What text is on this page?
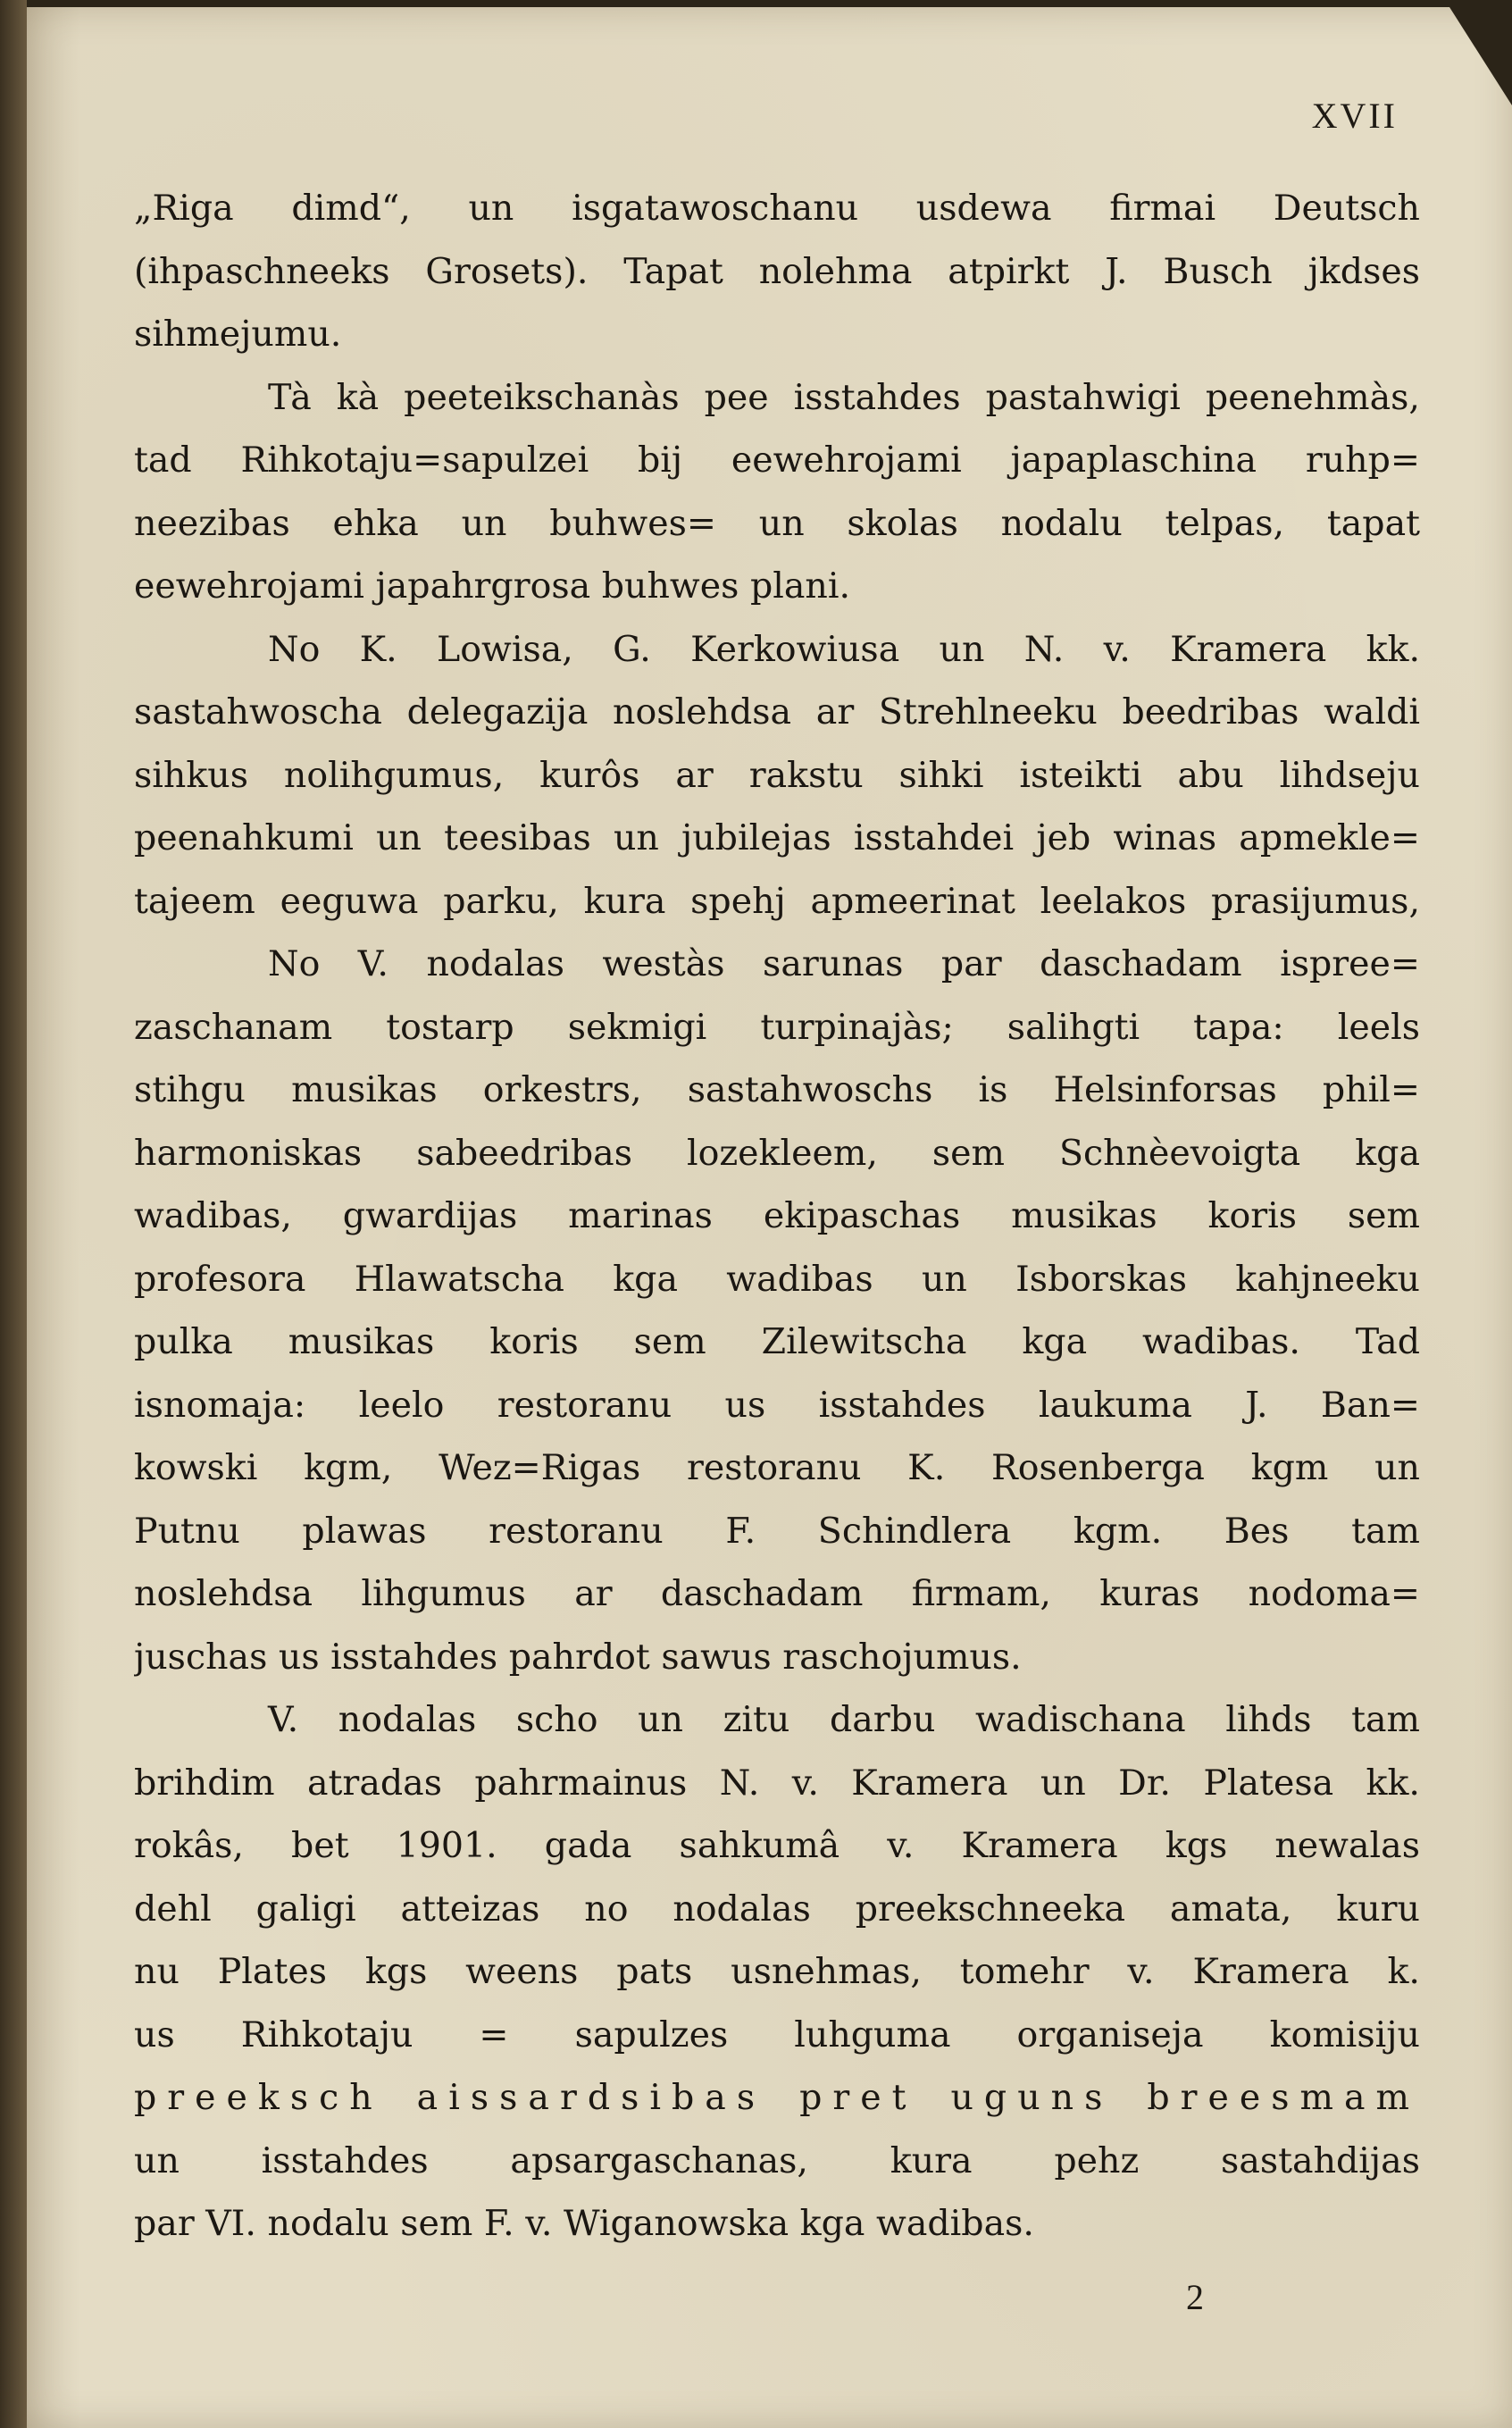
XVII
„Riga dimd“, un isgatawoschanu usdewa firmai Deutsch
(ihpaschneeks Grosets). Tapat nolehma atpirkt J. Busch jkdses
sihmejumu.
Tà kà peeteikschanàs pee isstahdes pastahwigi peenehmàs,
tad Rihkotaju=sapulzei bij eewehrojami japaplaschina ruhp=
neezibas ehka un buhwes= un skolas nodalu telpas, tapat
eewehrojami japahrgrosa buhwes plani.
No K. Lowisa, G. Kerkowiusa un N. v. Kramera kk.
sastahwoscha delegazija noslehdsa ar Strehlneeku beedribas waldi
sihkus nolihgumus, kurôs ar rakstu sihki isteikti abu lihdseju
peenahkumi un teesibas un jubilejas isstahdei jeb winas apmekle=
tajeem eeguwa parku, kura spehj apmeerinat leelakos prasijumus,
No V. nodalas westàs sarunas par daschadam ispree=
zaschanam tostarp sekmigi turpinajàs; salihgti tapa: leels
stihgu musikas orkestrs, sastahwoschs is Helsinforsas phil=
harmoniskas sabeedribas lozekleem, sem Schnèevoigta kga
wadibas, gwardijas marinas ekipaschas musikas koris sem
profesora Hlawatscha kga wadibas un Isborskas kahjneeku
pulka musikas koris sem Zilewitscha kga wadibas. Tad
isnomaja: leelo restoranu us isstahdes laukuma J. Ban=
kowski kgm, Wez=Rigas restoranu K. Rosenberga kgm un
Putnu plawas restoranu F. Schindlera kgm. Bes tam
noslehdsa lihgumus ar daschadam firmam, kuras nodoma=
juschas us isstahdes pahrdot sawus raschojumus.
V. nodalas scho un zitu darbu wadischana lihds tam
brihdim atradas pahrmainus N. v. Kramera un Dr. Platesa kk.
rokâs, bet 1901. gada sahkumâ v. Kramera kgs newalas
dehl galigi atteizas no nodalas preekschneeka amata, kuru
nu Plates kgs weens pats usnehmas, tomehr v. Kramera k.
us Rihkotaju = sapulzes luhguma organiseja komisiju
preeksch aissardsibas pret uguns breesmam
un isstahdes apsargaschanas, kura pehz sastahdijas
par VI. nodalu sem F. v. Wiganowska kga wadibas.
2
